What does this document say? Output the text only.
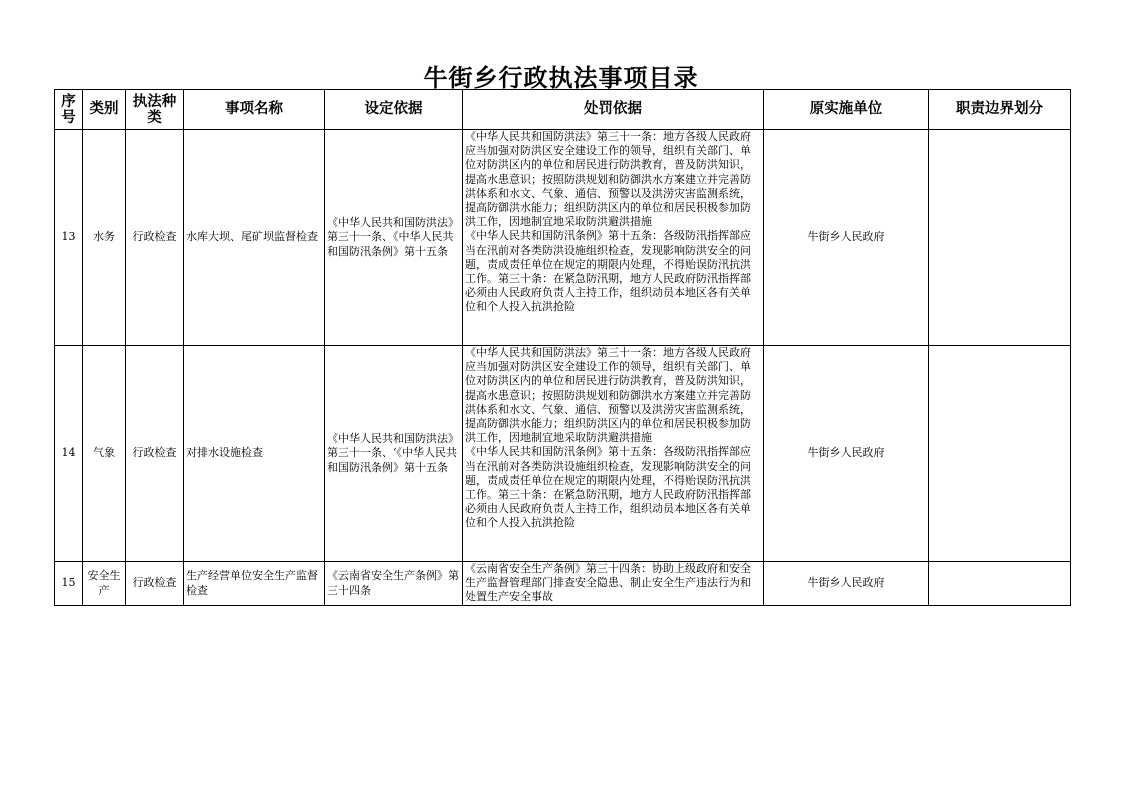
牛街乡行政执法事项目录
序号	类别	执法种类	事项名称	设定依据	处罚依据	原实施单位	职责边界划分
13	水务	行政检查	水库大坝、尾矿坝监督检查	《中华人民共和国防洪法》第三十一条、《中华人民共和国防汛条例》第十五条	《中华人民共和国防洪法》第三十一条：地方各级人民政府应当加强对防洪区安全建设工作的领导，组织有关部门、单位对防洪区内的单位和居民进行防洪教育，普及防洪知识，提高水患意识；按照防洪规划和防御洪水方案建立并完善防洪体系和水文、气象、通信、预警以及洪涝灾害监测系统，提高防御洪水能力；组织防洪区内的单位和居民积极参加防洪工作，因地制宜地采取防洪避洪措施
《中华人民共和国防汛条例》第十五条：各级防汛指挥部应当在汛前对各类防洪设施组织检查，发现影响防洪安全的问题，责成责任单位在规定的期限内处理，不得贻误防汛抗洪工作。第三十条：在紧急防汛期，地方人民政府防汛指挥部必须由人民政府负责人主持工作，组织动员本地区各有关单位和个人投入抗洪抢险	牛街乡人民政府	
14	气象	行政检查	对排水设施检查	《中华人民共和国防洪法》第三十一条、‘《中华人民共和国防汛条例》第十五条	《中华人民共和国防洪法》第三十一条：地方各级人民政府应当加强对防洪区安全建设工作的领导，组织有关部门、单位对防洪区内的单位和居民进行防洪教育，普及防洪知识，提高水患意识；按照防洪规划和防御洪水方案建立并完善防洪体系和水文、气象、通信、预警以及洪涝灾害监测系统，提高防御洪水能力；组织防洪区内的单位和居民积极参加防洪工作，因地制宜地采取防洪避洪措施
《中华人民共和国防汛条例》第十五条：各级防汛指挥部应当在汛前对各类防洪设施组织检查，发现影响防洪安全的问题，责成责任单位在规定的期限内处理，不得贻误防汛抗洪工作。第三十条：在紧急防汛期，地方人民政府防汛指挥部必须由人民政府负责人主持工作，组织动员本地区各有关单位和个人投入抗洪抢险	牛街乡人民政府	
15	安全生产	行政检查	生产经营单位安全生产监督检查	《云南省安全生产条例》第三十四条	《云南省安全生产条例》第三十四条：协助上级政府和安全生产监督管理部门排查安全隐患、制止安全生产违法行为和处置生产安全事故	牛街乡人民政府	
